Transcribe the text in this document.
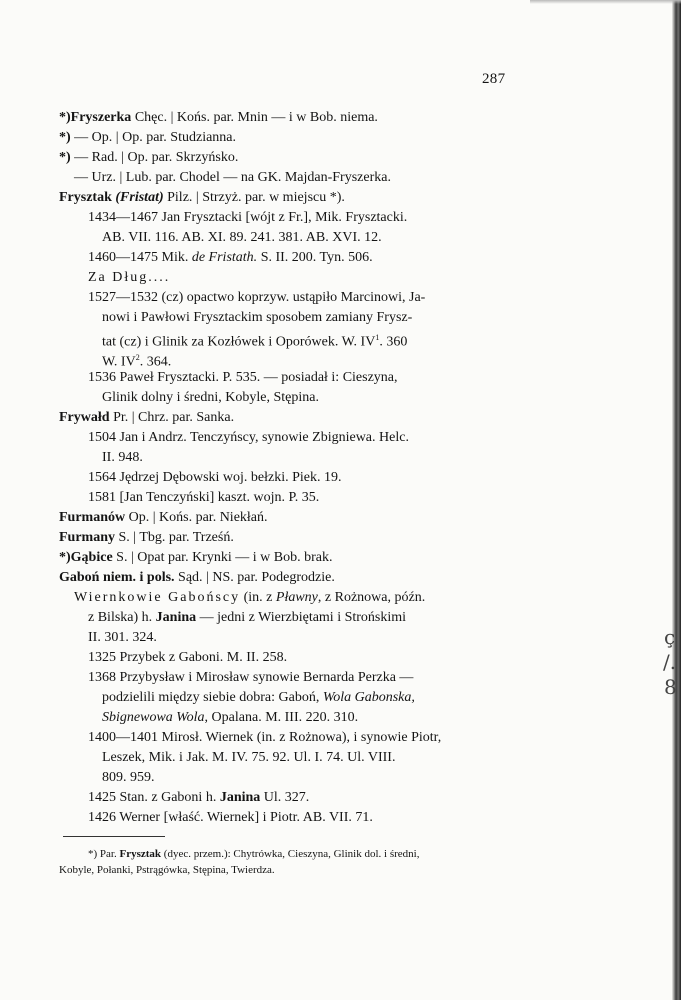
287
*)Fryszerka Chęc. | Końs. par. Mnin — i w Bob. niema.
*) — Op. | Op. par. Studzianna.
*) — Rad. | Op. par. Skrzyńsko.
— Urz. | Lub. par. Chodel — na GK. Majdan-Fryszerka.
Frysztak (Fristat) Pilz. | Strzyż. par. w miejscu *).
1434—1467 Jan Frysztacki [wójt z Fr.], Mik. Frysztacki.
AB. VII. 116. AB. XI. 89. 241. 381. AB. XVI. 12.
1460—1475 Mik. de Fristath. S. II. 200. Tyn. 506.
Za Dług....
1527—1532 (cz) opactwo koprzyw. ustąpiło Marcinowi, Ja-
nowi i Pawłowi Frysztackim sposobem zamiany Frysz-
tat (cz) i Glinik za Kozłówek i Oporówek. W. $IV^1$. 360
W. $IV^2$. 364.
1536 Paweł Frysztacki. P. 535. — posiadał i: Cieszyna,
Glinik dolny i średni, Kobyle, Stępina.
Frywałd Pr. | Chrz. par. Sanka.
1504 Jan i Andrz. Tenczyńscy, synowie Zbigniewa. Helc.
II. 948.
1564 Jędrzej Dębowski woj. bełzki. Piek. 19.
1581 [Jan Tenczyński] kaszt. wojn. P. 35.
Furmanów Op. | Końs. par. Niekłań.
Furmany S. | Tbg. par. Trześń.
*)Gąbice S. | Opat par. Krynki — i w Bob. brak.
Gaboń niem. i pols. Sąd. | NS. par. Podegrodzie.
Wiernkowie Gabońscy (in. z Pławny, z Rożnowa, późn.
z Bilska) h. Janina — jedni z Wierzbiętami i Strońskimi
II. 301. 324.
1325 Przybek z Gaboni. M. II. 258.
1368 Przybysław i Mirosław synowie Bernarda Perzka —
podzielili między siebie dobra: Gaboń, Wola Gabonska,
Sbignewowa Wola, Opalana. M. III. 220. 310.
1400—1401 Mirosł. Wiernek (in. z Rożnowa), i synowie Piotr,
Leszek, Mik. i Jak. M. IV. 75. 92. Ul. I. 74. Ul. VIII.
809. 959.
1425 Stan. z Gaboni h. Janina Ul. 327.
1426 Werner [właść. Wiernek] i Piotr. AB. VII. 71.
*) Par. Frysztak (dyec. przem.): Chytrówka, Cieszyna, Glinik dol. i średni,
Kobyle, Połanki, Pstrągówka, Stępina, Twierdza.
ç
/.
8
